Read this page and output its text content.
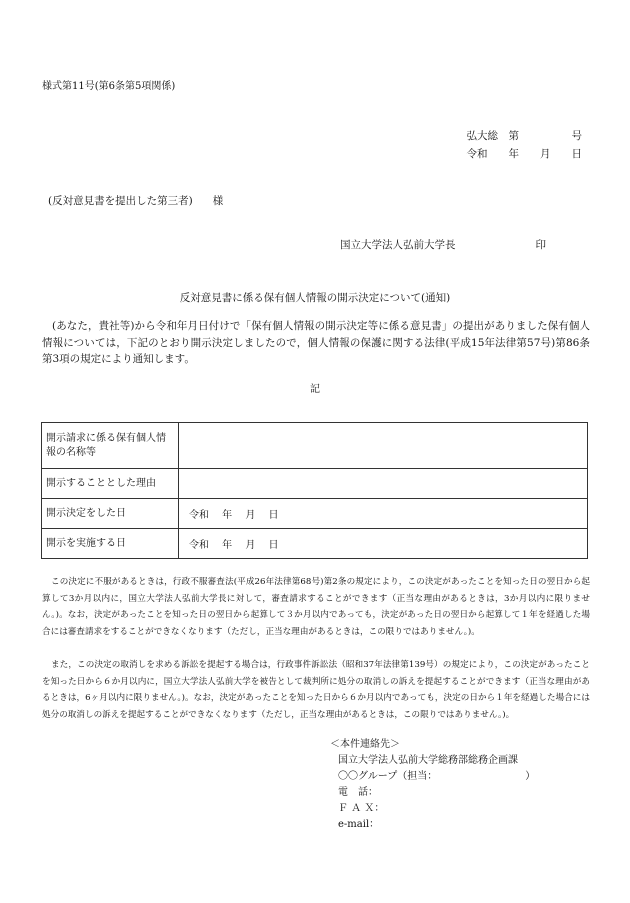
様式第11号(第6条第5項関係)
弘大総　第　　　　　号
令和　　年　　月　　日
(反対意見書を提出した第三者) 様
国立大学法人弘前大学長	印
反対意見書に係る保有個人情報の開示決定について(通知)
(あなた，貴社等)から令和年月日付けで「保有個人情報の開示決定等に係る意見書」の提出がありました保有個人情報については，下記のとおり開示決定しましたので，個人情報の保護に関する法律(平成15年法律第57号)第86条第3項の規定により通知します。
記
開示請求に係る保有個人情報の名称等	
開示することとした理由	
開示決定をした日	令和　 年　 月　 日
開示を実施する日	令和　 年　 月　 日
この決定に不服があるときは，行政不服審査法(平成26年法律第68号)第2条の規定により，この決定があったことを知った日の翌日から起算して3か月以内に，国立大学法人弘前大学長に対して，審査請求することができます（正当な理由があるときは，3か月以内に限りません。)。なお，決定があったことを知った日の翌日から起算して３か月以内であっても，決定があった日の翌日から起算して１年を経過した場合には審査請求をすることができなくなります（ただし，正当な理由があるときは，この限りではありません。)。
また，この決定の取消しを求める訴訟を提起する場合は，行政事件訴訟法（昭和37年法律第139号）の規定により，この決定があったことを知った日から６か月以内に，国立大学法人弘前大学を被告として裁判所に処分の取消しの訴えを提起することができます（正当な理由があるときは，6ヶ月以内に限りません。)。なお，決定があったことを知った日から６か月以内であっても，決定の日から１年を経過した場合には処分の取消しの訴えを提起することができなくなります（ただし，正当な理由があるときは，この限りではありません。)。
＜本件連絡先＞
国立大学法人弘前大学総務部総務企画課
〇〇グループ（担当：	）
電　話：
Ｆ Ａ Ｘ：
e-mail：
